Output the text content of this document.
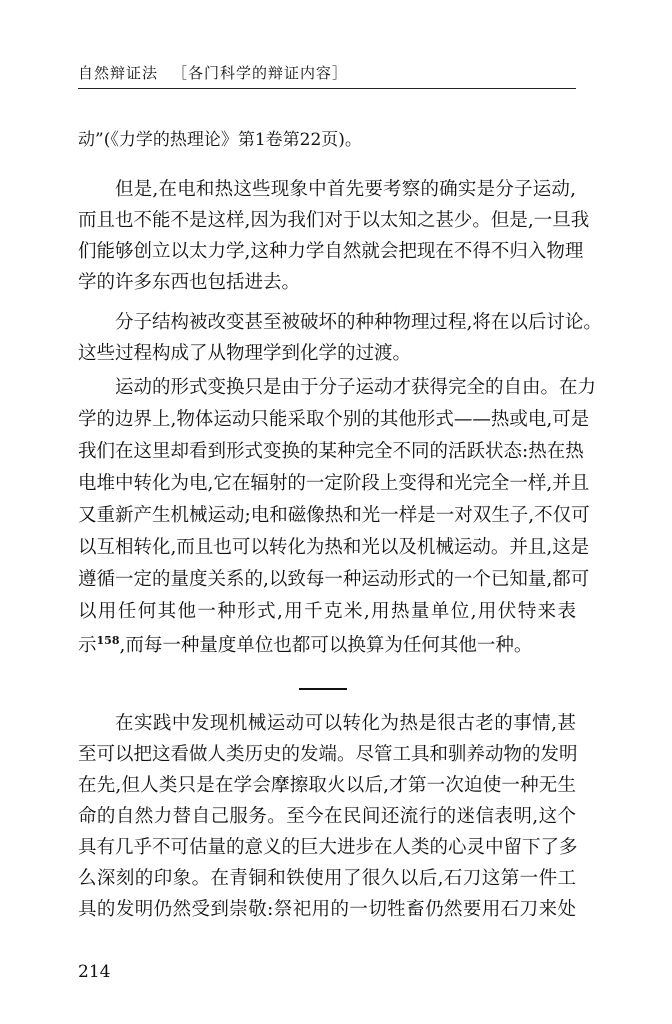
自然辩证法 ［各门科学的辩证内容］
动”(《力学的热理论》第1卷第22页)。
但是,在电和热这些现象中首先要考察的确实是分子运动,
而且也不能不是这样,因为我们对于以太知之甚少。但是,一旦我
们能够创立以太力学,这种力学自然就会把现在不得不归入物理
学的许多东西也包括进去。
分子结构被改变甚至被破坏的种种物理过程,将在以后讨论。
这些过程构成了从物理学到化学的过渡。
运动的形式变换只是由于分子运动才获得完全的自由。在力
学的边界上,物体运动只能采取个别的其他形式——热或电,可是
我们在这里却看到形式变换的某种完全不同的活跃状态:热在热
电堆中转化为电,它在辐射的一定阶段上变得和光完全一样,并且
又重新产生机械运动;电和磁像热和光一样是一对双生子,不仅可
以互相转化,而且也可以转化为热和光以及机械运动。并且,这是
遵循一定的量度关系的,以致每一种运动形式的一个已知量,都可
以用任何其他一种形式,用千克米,用热量单位,用伏特来表
示$^{158}$,而每一种量度单位也都可以换算为任何其他一种。
在实践中发现机械运动可以转化为热是很古老的事情,甚
至可以把这看做人类历史的发端。尽管工具和驯养动物的发明
在先,但人类只是在学会摩擦取火以后,才第一次迫使一种无生
命的自然力替自己服务。至今在民间还流行的迷信表明,这个
具有几乎不可估量的意义的巨大进步在人类的心灵中留下了多
么深刻的印象。在青铜和铁使用了很久以后,石刀这第一件工
具的发明仍然受到崇敬:祭祀用的一切牲畜仍然要用石刀来处
214
